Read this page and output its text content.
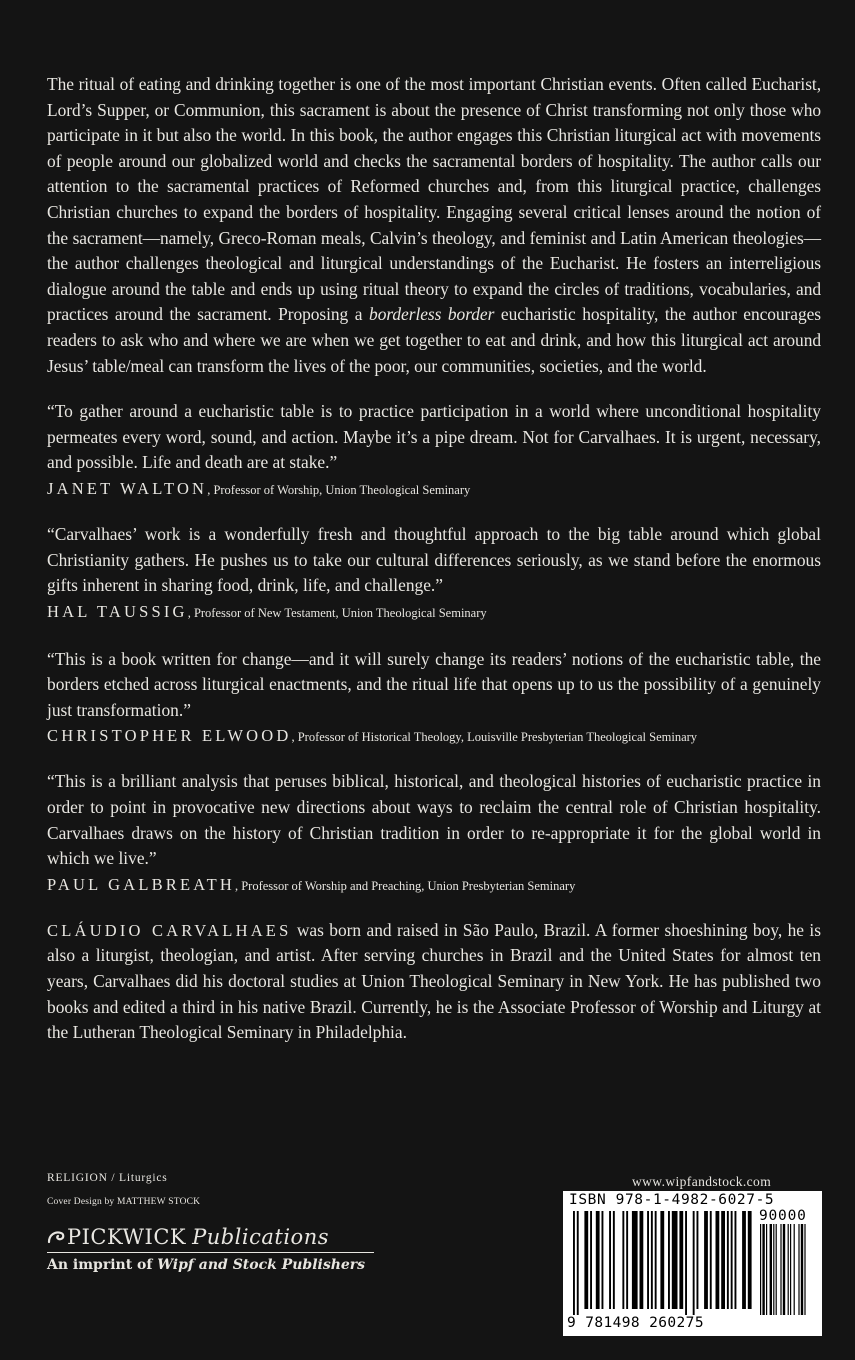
The ritual of eating and drinking together is one of the most important Christian events. Often called Eucharist, Lord’s Supper, or Communion, this sacrament is about the presence of Christ transforming not only those who participate in it but also the world. In this book, the author engages this Christian liturgical act with movements of people around our globalized world and checks the sacramental borders of hospitality. The author calls our attention to the sacramental practices of Reformed churches and, from this liturgical practice, challenges Christian churches to expand the borders of hospitality. Engaging several critical lenses around the notion of the sacrament—namely, Greco-Roman meals, Calvin’s theology, and feminist and Latin American theologies—the author challenges theological and liturgical understandings of the Eucharist. He fosters an interreligious dialogue around the table and ends up using ritual theory to expand the circles of traditions, vocabularies, and practices around the sacrament. Proposing a borderless border eucharistic hospitality, the author encourages readers to ask who and where we are when we get together to eat and drink, and how this liturgical act around Jesus’ table/meal can transform the lives of the poor, our communities, societies, and the world.

“To gather around a eucharistic table is to practice participation in a world where unconditional hospitality permeates every word, sound, and action. Maybe it’s a pipe dream. Not for Carvalhaes. It is urgent, necessary, and possible. Life and death are at stake.”

JANET WALTON, Professor of Worship, Union Theological Seminary

“Carvalhaes’ work is a wonderfully fresh and thoughtful approach to the big table around which global Christianity gathers. He pushes us to take our cultural differences seriously, as we stand before the enormous gifts inherent in sharing food, drink, life, and challenge.”

HAL TAUSSIG, Professor of New Testament, Union Theological Seminary

“This is a book written for change—and it will surely change its readers’ notions of the eucharistic table, the borders etched across liturgical enactments, and the ritual life that opens up to us the possibility of a genuinely just transformation.”

CHRISTOPHER ELWOOD, Professor of Historical Theology, Louisville Presbyterian Theological Seminary

“This is a brilliant analysis that peruses biblical, historical, and theological histories of eucharistic practice in order to point in provocative new directions about ways to reclaim the central role of Christian hospitality. Carvalhaes draws on the history of Christian tradition in order to re-appropriate it for the global world in which we live.”

PAUL GALBREATH, Professor of Worship and Preaching, Union Presbyterian Seminary

CLÁUDIO CARVALHAES was born and raised in São Paulo, Brazil. A former shoeshining boy, he is also a liturgist, theologian, and artist. After serving churches in Brazil and the United States for almost ten years, Carvalhaes did his doctoral studies at Union Theological Seminary in New York. He has published two books and edited a third in his native Brazil. Currently, he is the Associate Professor of Worship and Liturgy at the Lutheran Theological Seminary in Philadelphia.

RELIGION / Liturgics
Cover Design by MATTHEW STOCK
PICKWICK Publications
An imprint of Wipf and Stock Publishers
www.wipfandstock.com
ISBN 978-1-4982-6027-5
90000
9 781498 260275
